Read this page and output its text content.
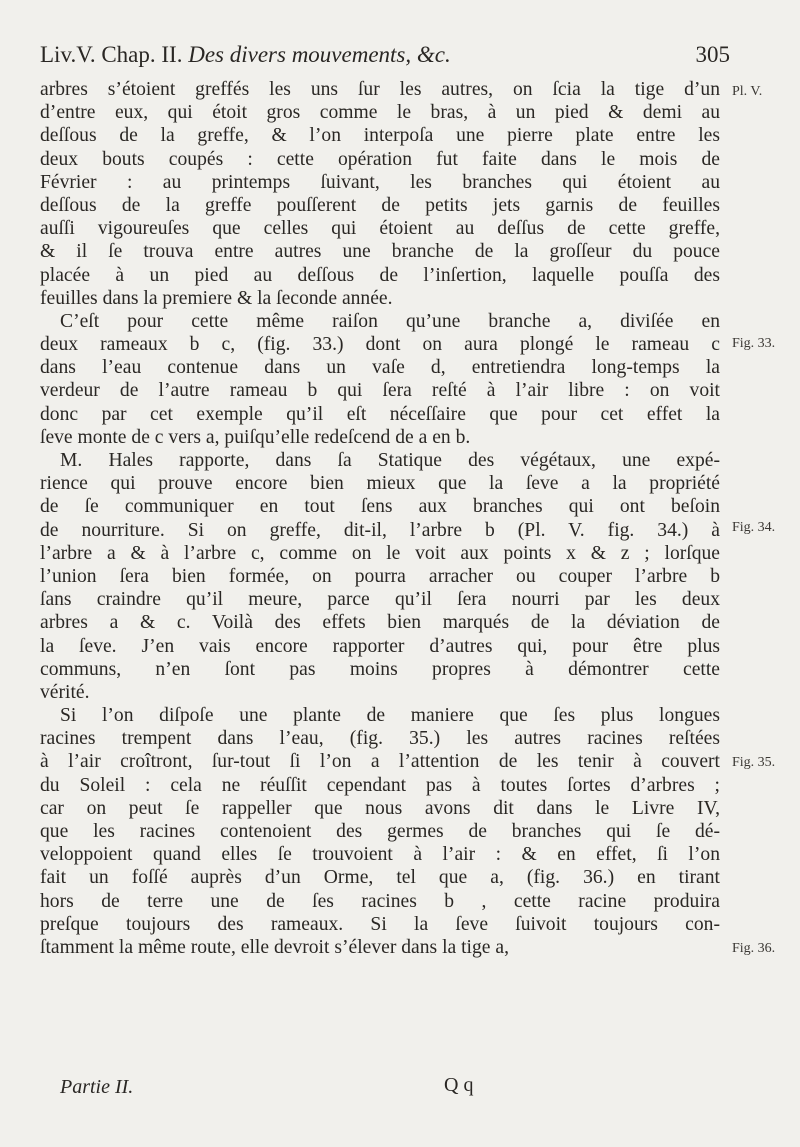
Liv.V. Chap. II. Des divers mouvements, &c.	305
arbres s’étoient greffés les uns ſur les autres, on ſcia la tige d’un
d’entre eux, qui étoit gros comme le bras, à un pied & demi au
deſſous de la greffe, & l’on interpoſa une pierre plate entre les
deux bouts coupés : cette opération fut faite dans le mois de
Février : au printemps ſuivant, les branches qui étoient au
deſſous de la greffe pouſſerent de petits jets garnis de feuilles
auſſi vigoureuſes que celles qui étoient au deſſus de cette greffe,
& il ſe trouva entre autres une branche de la groſſeur du pouce
placée à un pied au deſſous de l’inſertion, laquelle pouſſa des
feuilles dans la premiere & la ſeconde année.
C’eſt pour cette même raiſon qu’une branche a, diviſée en
deux rameaux b c, (fig. 33.) dont on aura plongé le rameau c
dans l’eau contenue dans un vaſe d, entretiendra long-temps la
verdeur de l’autre rameau b qui ſera reſté à l’air libre : on voit
donc par cet exemple qu’il eſt néceſſaire que pour cet effet la
ſeve monte de c vers a, puiſqu’elle redeſcend de a en b.
M. Hales rapporte, dans ſa Statique des végétaux, une expé-
rience qui prouve encore bien mieux que la ſeve a la propriété
de ſe communiquer en tout ſens aux branches qui ont beſoin
de nourriture. Si on greffe, dit-il, l’arbre b (Pl. V. fig. 34.) à
l’arbre a & à l’arbre c, comme on le voit aux points x & z ; lorſque
l’union ſera bien formée, on pourra arracher ou couper l’arbre b
ſans craindre qu’il meure, parce qu’il ſera nourri par les deux
arbres a & c. Voilà des effets bien marqués de la déviation de
la ſeve. J’en vais encore rapporter d’autres qui, pour être plus
communs, n’en ſont pas moins propres à démontrer cette
vérité.
Si l’on diſpoſe une plante de maniere que ſes plus longues
racines trempent dans l’eau, (fig. 35.) les autres racines reſtées
à l’air croîtront, ſur-tout ſi l’on a l’attention de les tenir à couvert
du Soleil : cela ne réuſſit cependant pas à toutes ſortes d’arbres ;
car on peut ſe rappeller que nous avons dit dans le Livre IV,
que les racines contenoient des germes de branches qui ſe dé-
veloppoient quand elles ſe trouvoient à l’air : & en effet, ſi l’on
fait un foſſé auprès d’un Orme, tel que a, (fig. 36.) en tirant
hors de terre une de ſes racines b , cette racine produira
preſque toujours des rameaux. Si la ſeve ſuivoit toujours con-
ſtamment la même route, elle devroit s’élever dans la tige a,
Pl. V.
Fig. 33.
Fig. 34.
Fig. 35.
Fig. 36.
Partie II.	Q q
